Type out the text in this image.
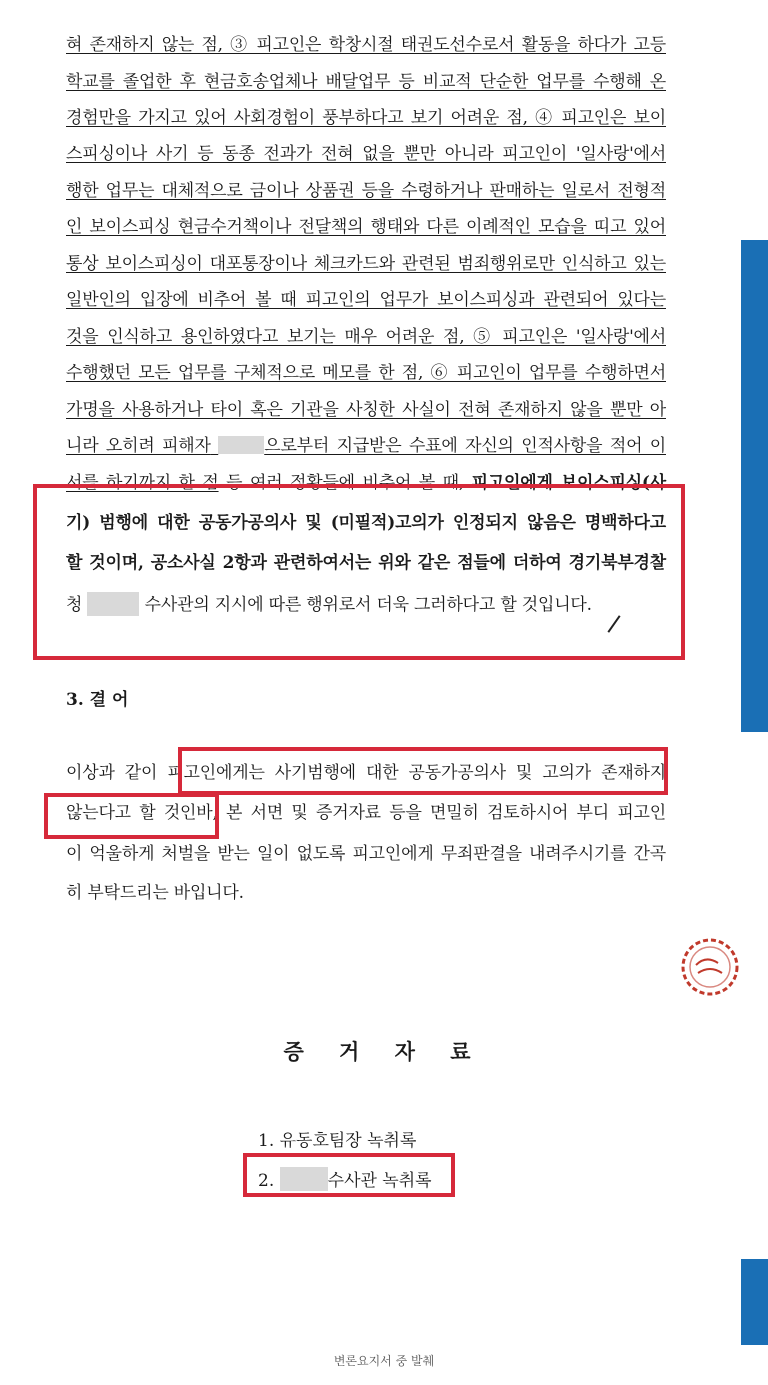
혀 존재하지 않는 점, ③ 피고인은 학창시절 태권도선수로서 활동을 하다가 고등
학교를 졸업한 후 현금호송업체나 배달업무 등 비교적 단순한 업무를 수행해 온
경험만을 가지고 있어 사회경험이 풍부하다고 보기 어려운 점, ④ 피고인은 보이
스피싱이나 사기 등 동종 전과가 전혀 없을 뿐만 아니라 피고인이 '일사랑'에서
행한 업무는 대체적으로 금이나 상품권 등을 수령하거나 판매하는 일로서 전형적
인 보이스피싱 현금수거책이나 전달책의 행태와 다른 이례적인 모습을 띠고 있어
통상 보이스피싱이 대포통장이나 체크카드와 관련된 범죄행위로만 인식하고 있는
일반인의 입장에 비추어 볼 때 피고인의 업무가 보이스피싱과 관련되어 있다는
것을 인식하고 용인하였다고 보기는 매우 어려운 점, ⑤ 피고인은 '일사랑'에서
수행했던 모든 업무를 구체적으로 메모를 한 점, ⑥ 피고인이 업무를 수행하면서
가명을 사용하거나 타이 혹은 기관을 사칭한 사실이 전혀 존재하지 않을 뿐만 아
니라 오히려 피해자	으로부터 지급받은 수표에 자신의 인적사항을 적어 이
서를 하기까지 한 점 등 여러 정황들에 비추어 볼 때, 피고인에게 보이스피싱(사
기) 범행에 대한 공동가공의사 및 (미필적)고의가 인정되지 않음은 명백하다고
할 것이며, 공소사실 2항과 관련하여서는 위와 같은 점들에 더하여 경기북부경찰
청	수사관의 지시에 따른 행위로서 더욱 그러하다고 할 것입니다.
3. 결 어
이상과 같이 피고인에게는 사기범행에 대한 공동가공의사 및 고의가 존재하지
않는다고 할 것인바, 본 서면 및 증거자료 등을 면밀히 검토하시어 부디 피고인
이 억울하게 처벌을 받는 일이 없도록 피고인에게 무죄판결을 내려주시기를 간곡
히 부탁드리는 바입니다.
증 거 자 료
1. 유동호팀장 녹취록
2.	수사관 녹취록
변론요지서 중 발췌
